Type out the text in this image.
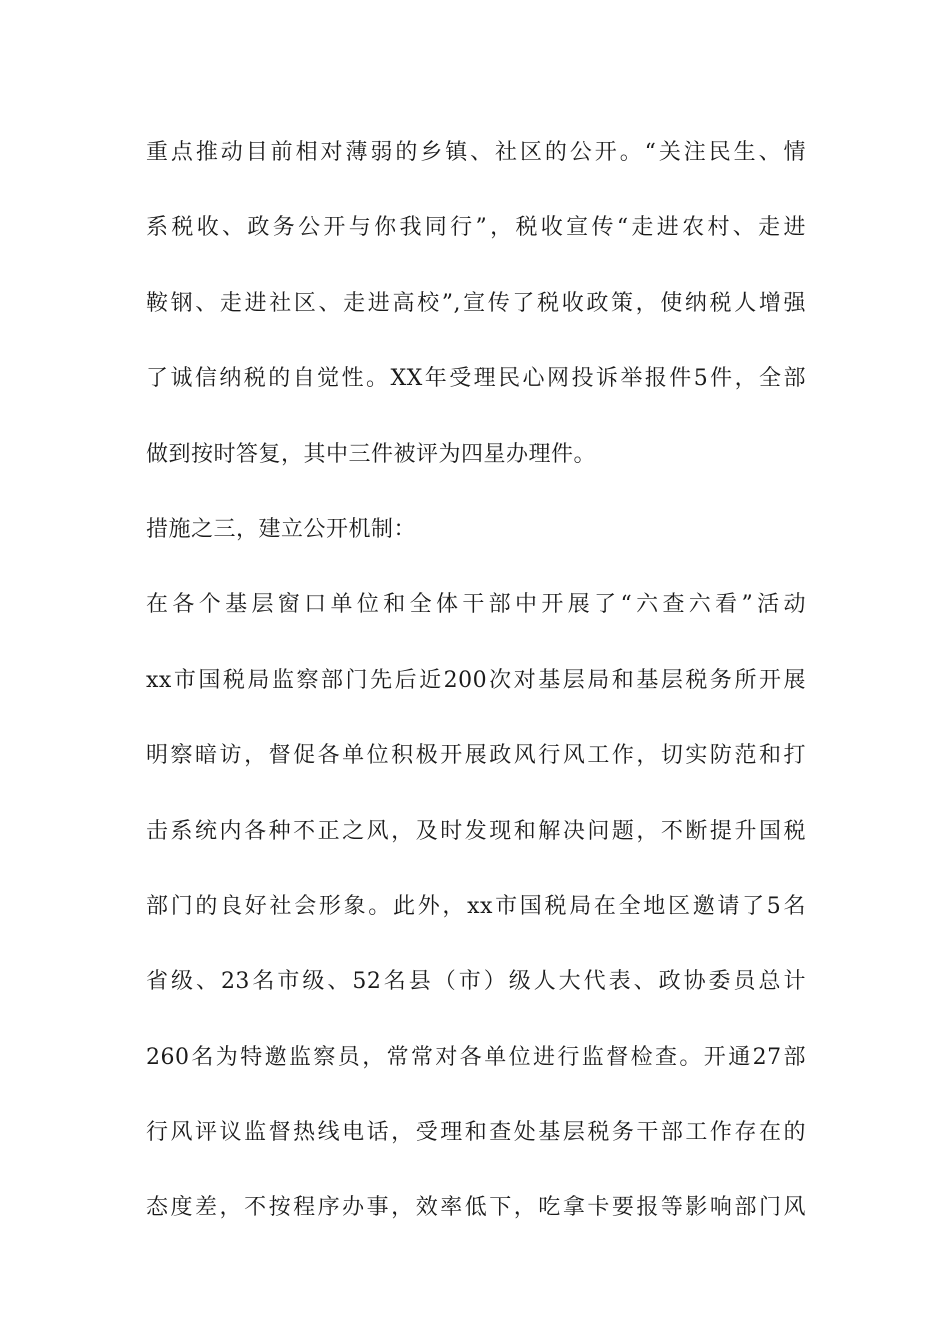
重点推动目前相对薄弱的乡镇、社区的公开。“关注民生、情
系税收、政务公开与你我同行”，税收宣传“走进农村、走进
鞍钢、走进社区、走进高校”,宣传了税收政策，使纳税人增强
了诚信纳税的自觉性。XX年受理民心网投诉举报件5件，全部
做到按时答复，其中三件被评为四星办理件。
措施之三，建立公开机制：
在各个基层窗口单位和全体干部中开展了“六查六看”活动
xx市国税局监察部门先后近200次对基层局和基层税务所开展
明察暗访，督促各单位积极开展政风行风工作，切实防范和打
击系统内各种不正之风，及时发现和解决问题，不断提升国税
部门的良好社会形象。此外，xx市国税局在全地区邀请了5名
省级、23名市级、52名县（市）级人大代表、政协委员总计
260名为特邀监察员，常常对各单位进行监督检查。开通27部
行风评议监督热线电话，受理和查处基层税务干部工作存在的
态度差，不按程序办事，效率低下，吃拿卡要报等影响部门风
